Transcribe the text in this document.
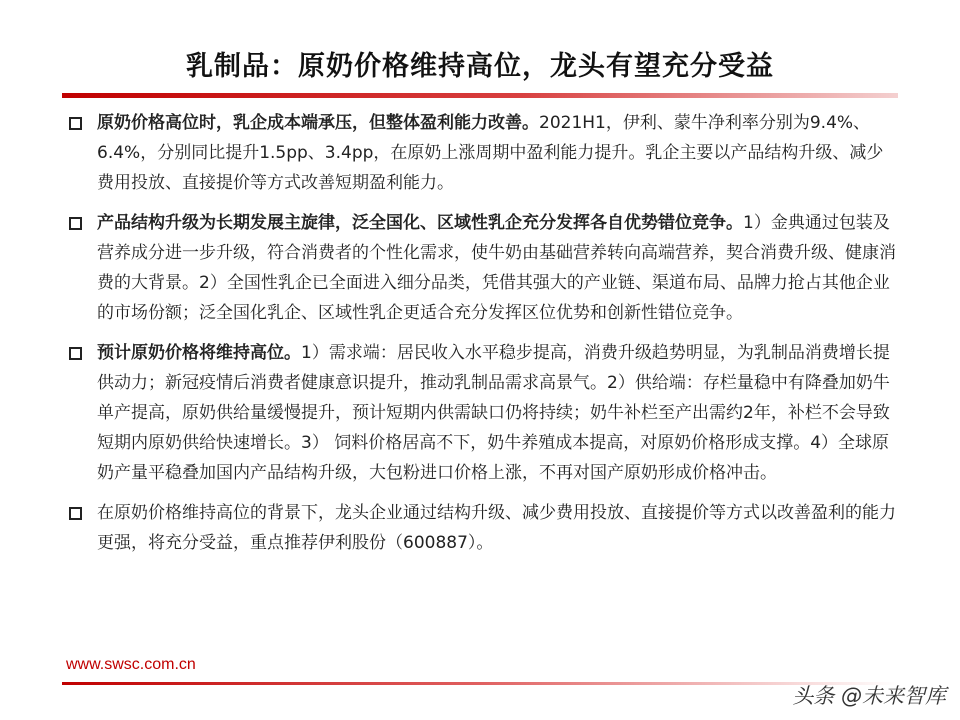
乳制品：原奶价格维持高位，龙头有望充分受益
原奶价格高位时，乳企成本端承压，但整体盈利能力改善。2021H1，伊利、蒙牛净利率分别为9.4%、6.4%，分别同比提升1.5pp、3.4pp，在原奶上涨周期中盈利能力提升。乳企主要以产品结构升级、减少费用投放、直接提价等方式改善短期盈利能力。
产品结构升级为长期发展主旋律，泛全国化、区域性乳企充分发挥各自优势错位竞争。1）金典通过包装及营养成分进一步升级，符合消费者的个性化需求，使牛奶由基础营养转向高端营养，契合消费升级、健康消费的大背景。2）全国性乳企已全面进入细分品类，凭借其强大的产业链、渠道布局、品牌力抢占其他企业的市场份额；泛全国化乳企、区域性乳企更适合充分发挥区位优势和创新性错位竞争。
预计原奶价格将维持高位。1）需求端：居民收入水平稳步提高，消费升级趋势明显，为乳制品消费增长提供动力；新冠疫情后消费者健康意识提升，推动乳制品需求高景气。2）供给端：存栏量稳中有降叠加奶牛单产提高，原奶供给量缓慢提升，预计短期内供需缺口仍将持续；奶牛补栏至产出需约2年，补栏不会导致短期内原奶供给快速增长。3） 饲料价格居高不下，奶牛养殖成本提高，对原奶价格形成支撑。4）全球原奶产量平稳叠加国内产品结构升级，大包粉进口价格上涨，不再对国产原奶形成价格冲击。
在原奶价格维持高位的背景下，龙头企业通过结构升级、减少费用投放、直接提价等方式以改善盈利的能力更强，将充分受益，重点推荐伊利股份（600887）。
www.swsc.com.cn
头条 @未来智库
